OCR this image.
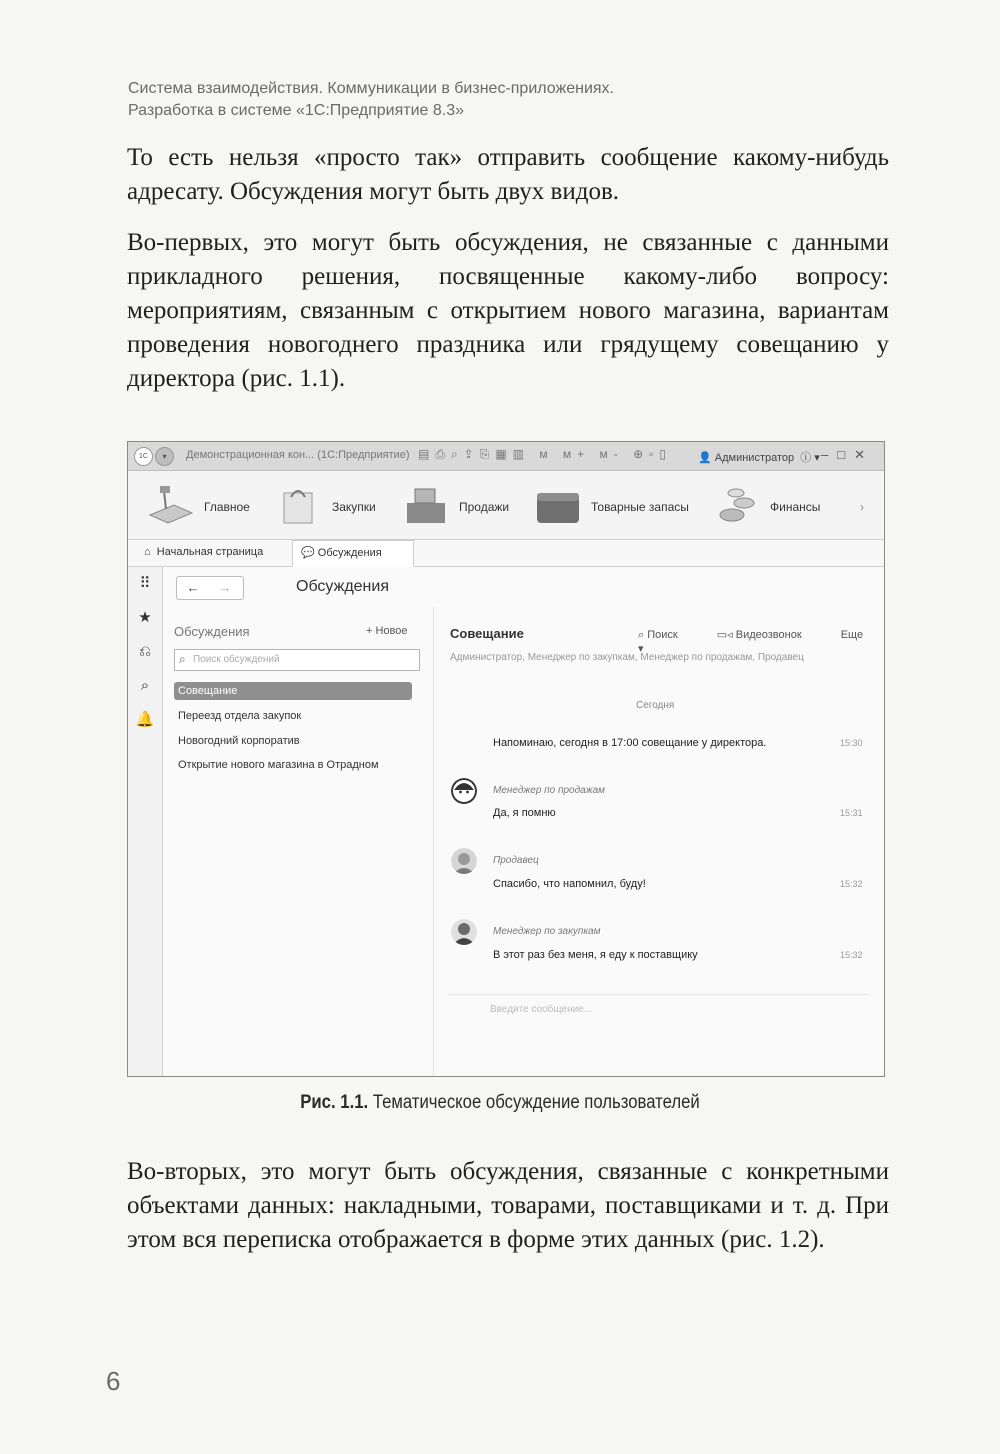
Система взаимодействия. Коммуникации в бизнес-приложениях.
Разработка в системе «1С:Предприятие 8.3»

То есть нельзя «просто так» отправить сообщение какому-нибудь адресату. Обсуждения могут быть двух видов.

Во-первых, это могут быть обсуждения, не связанные с данными прикладного решения, посвященные какому-либо вопросу: мероприятиям, связанным с открытием нового магазина, вариантам проведения новогоднего праздника или грядущему совещанию у директора (рис. 1.1).

1С	▾	Демонстрационная кон... (1С:Предприятие) ▤⎙⌕⇪⎘▦▥ ᴍ ᴍ+ ᴍ- ⊕▫▯ 👤 Администратор  ⓘ ▾ –□✕
Главное	Закупки	Продажи	Товарные запасы	Финансы	›
⌂ Начальная страница	💬 Обсуждения
⠿
★
⎌
⌕
🔔
← →	Обсуждения
Обсуждения	+ Новое
⌕ Поиск обсуждений
Совещание
Переезд отдела закупок
Новогодний корпоратив
Открытие нового магазина в Отрадном
Совещание	⌕ Поиск	▭◃ Видеозвонок	Еще ▾
Администратор, Менеджер по закупкам, Менеджер по продажам, Продавец
Сегодня
Напоминаю, сегодня в 17:00 совещание у директора.	15:30
Менеджер по продажам
Да, я помню	15:31
Продавец
Спасибо, что напомнил, буду!	15:32
Менеджер по закупкам
В этот раз без меня, я еду к поставщику	15:32
Введите сообщение...
Рис. 1.1. Тематическое обсуждение пользователей

Во-вторых, это могут быть обсуждения, связанные с конкретными объектами данных: накладными, товарами, поставщиками и т. д. При этом вся переписка отображается в форме этих данных (рис. 1.2).

6
